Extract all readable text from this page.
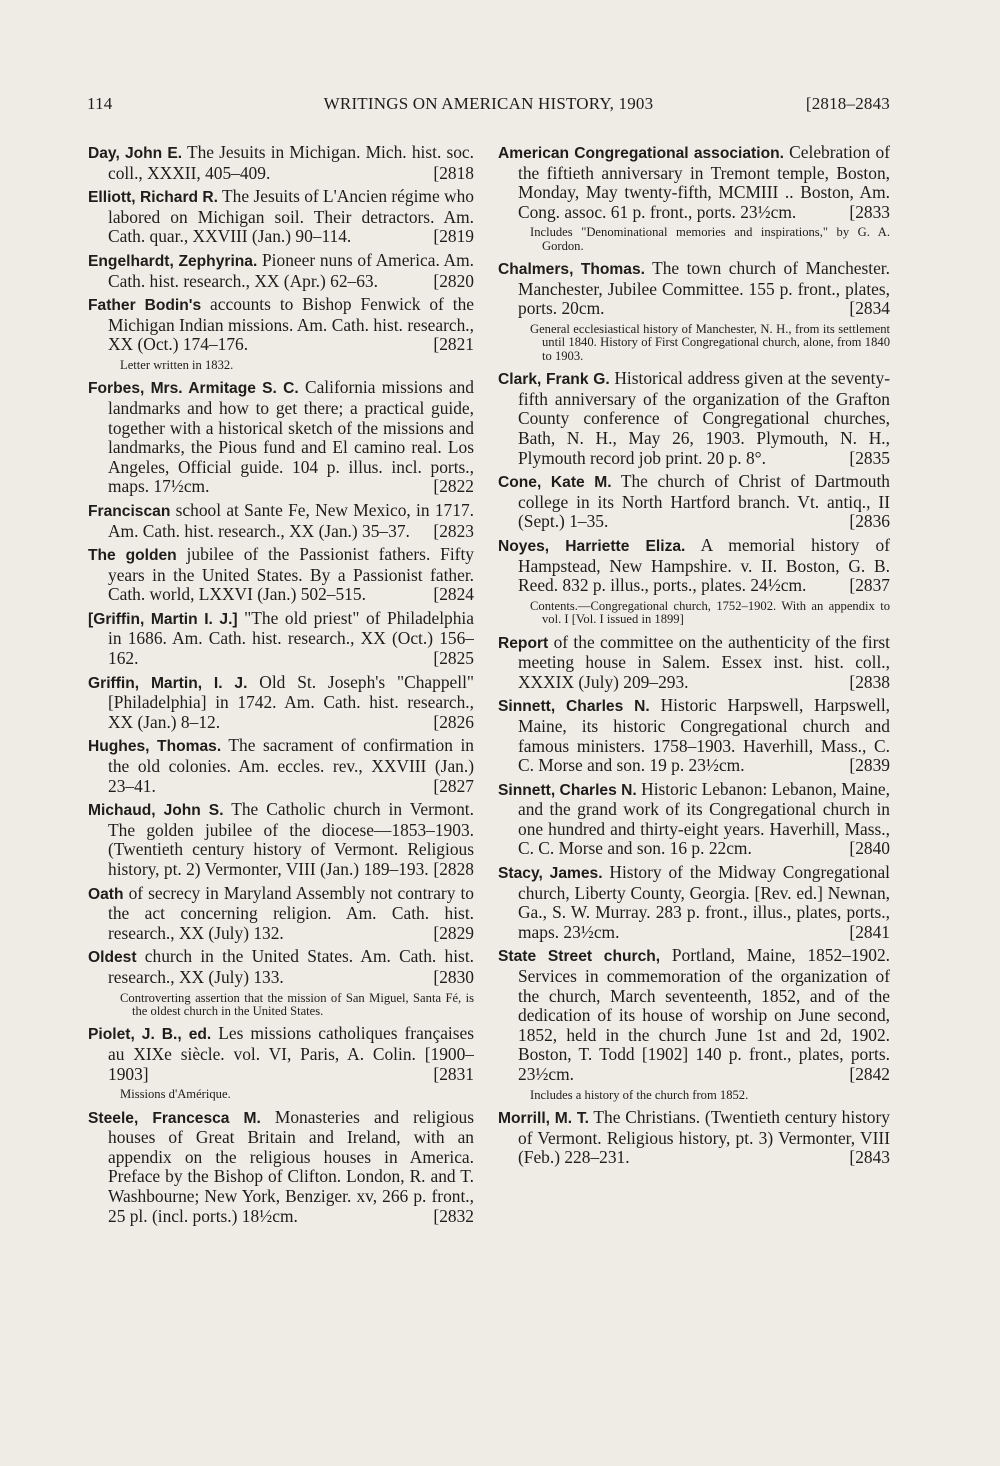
114	WRITINGS ON AMERICAN HISTORY, 1903	[2818–2843

Day, John E. The Jesuits in Michigan. Mich. hist. soc. coll., XXXII, 405–409.	[2818

Elliott, Richard R. The Jesuits of L'Ancien régime who labored on Michigan soil. Their detractors. Am. Cath. quar., XXVIII (Jan.) 90–114.	[2819

Engelhardt, Zephyrina. Pioneer nuns of America. Am. Cath. hist. research., XX (Apr.) 62–63.	[2820

Father Bodin's accounts to Bishop Fenwick of the Michigan Indian missions. Am. Cath. hist. research., XX (Oct.) 174–176.	[2821

Letter written in 1832.

Forbes, Mrs. Armitage S. C. California missions and landmarks and how to get there; a practical guide, together with a historical sketch of the missions and landmarks, the Pious fund and El camino real. Los Angeles, Official guide. 104 p. illus. incl. ports., maps. 17½cm.	[2822

Franciscan school at Sante Fe, New Mexico, in 1717. Am. Cath. hist. research., XX (Jan.) 35–37. [2823

The golden jubilee of the Passionist fathers. Fifty years in the United States. By a Passionist father. Cath. world, LXXVI (Jan.) 502–515.	[2824

[Griffin, Martin I. J.] "The old priest" of Philadelphia in 1686. Am. Cath. hist. research., XX (Oct.) 156–162.	[2825

Griffin, Martin, I. J. Old St. Joseph's "Chappell" [Philadelphia] in 1742. Am. Cath. hist. research., XX (Jan.) 8–12.	[2826

Hughes, Thomas. The sacrament of confirmation in the old colonies. Am. eccles. rev., XXVIII (Jan.) 23–41.	[2827

Michaud, John S. The Catholic church in Vermont. The golden jubilee of the diocese—1853–1903. (Twentieth century history of Vermont. Religious history, pt. 2) Vermonter, VIII (Jan.) 189–193. [2828

Oath of secrecy in Maryland Assembly not contrary to the act concerning religion. Am. Cath. hist. research., XX (July) 132.	[2829

Oldest church in the United States. Am. Cath. hist. research., XX (July) 133.	[2830

Controverting assertion that the mission of San Miguel, Santa Fé, is the oldest church in the United States.

Piolet, J. B., ed. Les missions catholiques françaises au XIXe siècle. vol. VI, Paris, A. Colin. [1900–1903]	[2831

Missions d'Amérique.

Steele, Francesca M. Monasteries and religious houses of Great Britain and Ireland, with an appendix on the religious houses in America. Preface by the Bishop of Clifton. London, R. and T. Washbourne; New York, Benziger. xv, 266 p. front., 25 pl. (incl. ports.) 18½cm.	[2832

American Congregational association. Celebration of the fiftieth anniversary in Tremont temple, Boston, Monday, May twenty-fifth, MCMIII .. Boston, Am. Cong. assoc. 61 p. front., ports. 23½cm.	[2833

Includes "Denominational memories and inspirations," by G. A. Gordon.

Chalmers, Thomas. The town church of Manchester. Manchester, Jubilee Committee. 155 p. front., plates, ports. 20cm.	[2834

General ecclesiastical history of Manchester, N. H., from its settlement until 1840. History of First Congregational church, alone, from 1840 to 1903.

Clark, Frank G. Historical address given at the seventy-fifth anniversary of the organization of the Grafton County conference of Congregational churches, Bath, N. H., May 26, 1903. Plymouth, N. H., Plymouth record job print. 20 p. 8°.	[2835

Cone, Kate M. The church of Christ of Dartmouth college in its North Hartford branch. Vt. antiq., II (Sept.) 1–35.	[2836

Noyes, Harriette Eliza. A memorial history of Hampstead, New Hampshire. v. II. Boston, G. B. Reed. 832 p. illus., ports., plates. 24½cm. [2837

Contents.—Congregational church, 1752–1902. With an appendix to vol. I [Vol. I issued in 1899]

Report of the committee on the authenticity of the first meeting house in Salem. Essex inst. hist. coll., XXXIX (July) 209–293.	[2838

Sinnett, Charles N. Historic Harpswell, Harpswell, Maine, its historic Congregational church and famous ministers. 1758–1903. Haverhill, Mass., C. C. Morse and son. 19 p. 23½cm.	[2839

Sinnett, Charles N. Historic Lebanon: Lebanon, Maine, and the grand work of its Congregational church in one hundred and thirty-eight years. Haverhill, Mass., C. C. Morse and son. 16 p. 22cm.	[2840

Stacy, James. History of the Midway Congregational church, Liberty County, Georgia. [Rev. ed.] Newnan, Ga., S. W. Murray. 283 p. front., illus., plates, ports., maps. 23½cm.	[2841

State Street church, Portland, Maine, 1852–1902. Services in commemoration of the organization of the church, March seventeenth, 1852, and of the dedication of its house of worship on June second, 1852, held in the church June 1st and 2d, 1902. Boston, T. Todd [1902] 140 p. front., plates, ports. 23½cm.	[2842

Includes a history of the church from 1852.

Morrill, M. T. The Christians. (Twentieth century history of Vermont. Religious history, pt. 3) Vermonter, VIII (Feb.) 228–231.	[2843
